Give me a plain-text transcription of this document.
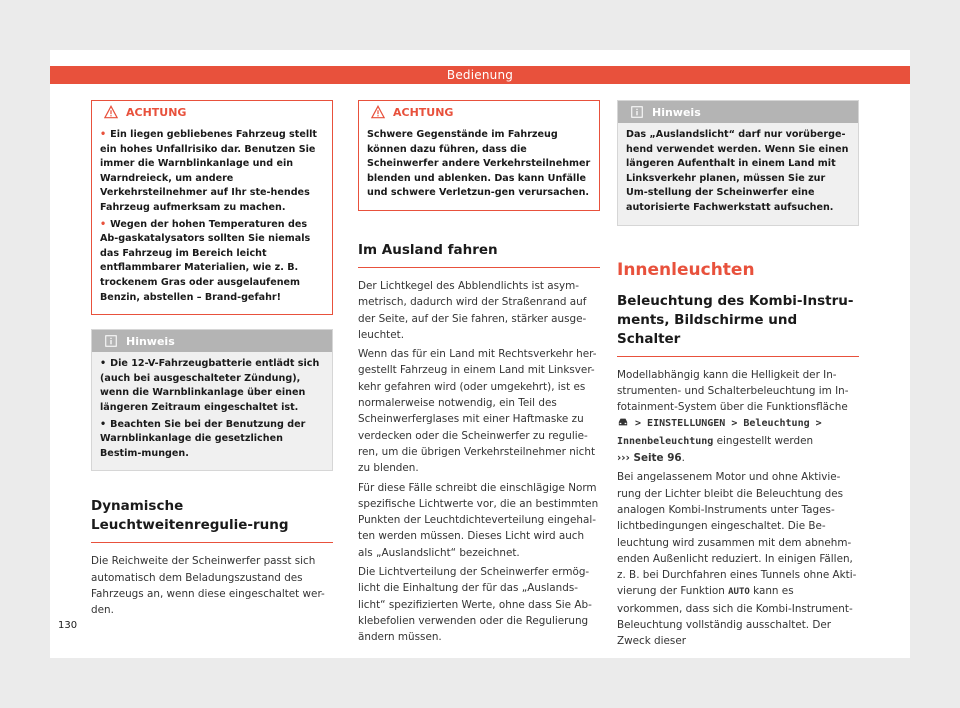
Bedienung
ACHTUNG

• Ein liegen gebliebenes Fahrzeug stellt ein hohes Unfallrisiko dar. Benutzen Sie immer die Warnblinkanlage und ein Warndreieck, um andere Verkehrsteilnehmer auf Ihr ste-hendes Fahrzeug aufmerksam zu machen.

• Wegen der hohen Temperaturen des Ab-gaskatalysators sollten Sie niemals das Fahrzeug im Bereich leicht entflammbarer Materialien, wie z. B. trockenem Gras oder ausgelaufenem Benzin, abstellen – Brand-gefahr!

Hinweis

• Die 12-V-Fahrzeugbatterie entlädt sich (auch bei ausgeschalteter Zündung), wenn die Warnblinkanlage über einen längeren Zeitraum eingeschaltet ist.

• Beachten Sie bei der Benutzung der Warnblinkanlage die gesetzlichen Bestim-mungen.

Dynamische Leuchtweitenregulie-rung

Die Reichweite der Scheinwerfer passt sich automatisch dem Beladungszustand des Fahrzeugs an, wenn diese eingeschaltet wer-den.

ACHTUNG

Schwere Gegenstände im Fahrzeug können dazu führen, dass die Scheinwerfer andere Verkehrsteilnehmer blenden und ablenken. Das kann Unfälle und schwere Verletzun-gen verursachen.

Im Ausland fahren

Der Lichtkegel des Abblendlichts ist asym-metrisch, dadurch wird der Straßenrand auf der Seite, auf der Sie fahren, stärker ausge-leuchtet.

Wenn das für ein Land mit Rechtsverkehr her-gestellt Fahrzeug in einem Land mit Linksver-kehr gefahren wird (oder umgekehrt), ist es normalerweise notwendig, ein Teil des Scheinwerferglases mit einer Haftmaske zu verdecken oder die Scheinwerfer zu regulie-ren, um die übrigen Verkehrsteilnehmer nicht zu blenden.

Für diese Fälle schreibt die einschlägige Norm spezifische Lichtwerte vor, die an bestimmten Punkten der Leuchtdichteverteilung eingehal-ten werden müssen. Dieses Licht wird auch als „Auslandslicht“ bezeichnet.

Die Lichtverteilung der Scheinwerfer ermög-licht die Einhaltung der für das „Auslands-licht“ spezifizierten Werte, ohne dass Sie Ab-klebefolien verwenden oder die Regulierung ändern müssen.

Hinweis

Das „Auslandslicht“ darf nur vorüberge-hend verwendet werden. Wenn Sie einen längeren Aufenthalt in einem Land mit Linksverkehr planen, müssen Sie zur Um-stellung der Scheinwerfer eine autorisierte Fachwerkstatt aufsuchen.

Innenleuchten
Beleuchtung des Kombi-Instru-ments, Bildschirme und Schalter

Modellabhängig kann die Helligkeit der In-strumenten- und Schalterbeleuchtung im In-fotainment-System über die Funktionsfläche  > EINSTELLUNGEN > Beleuchtung > Innenbeleuchtung eingestellt werden
››› Seite 96.

Bei angelassenem Motor und ohne Aktivie-rung der Lichter bleibt die Beleuchtung des analogen Kombi-Instruments unter Tages-lichtbedingungen eingeschaltet. Die Be-leuchtung wird zusammen mit dem abnehm-enden Außenlicht reduziert. In einigen Fällen, z. B. bei Durchfahren eines Tunnels ohne Akti-vierung der Funktion AUTO kann es vorkommen, dass sich die Kombi-Instrument-Beleuchtung vollständig ausschaltet. Der Zweck dieser

130
